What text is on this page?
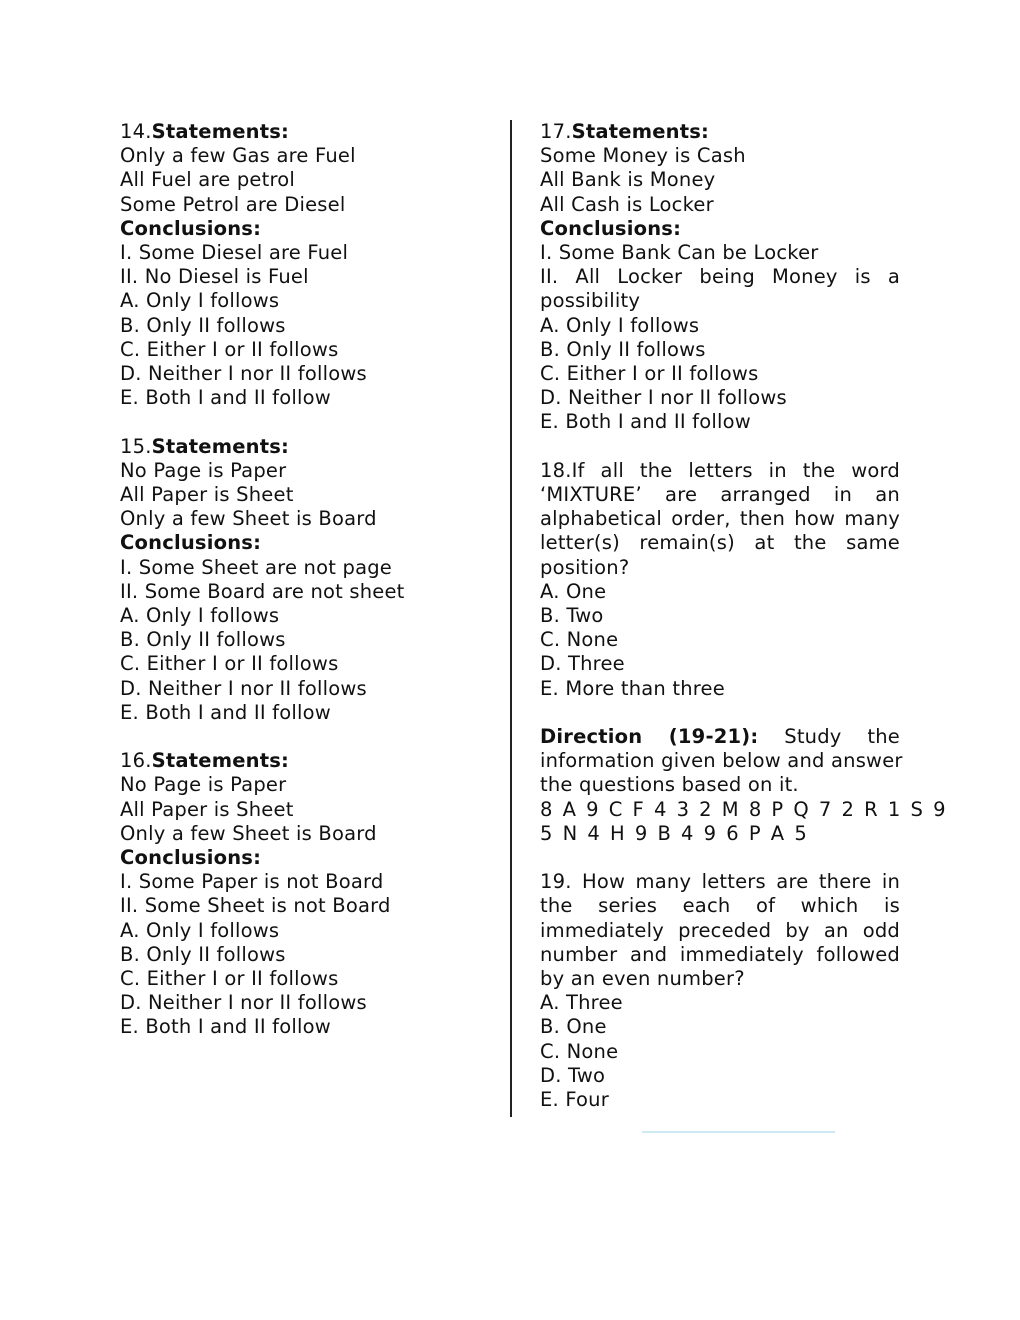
14.Statements:
Only a few Gas are Fuel
All Fuel are petrol
Some Petrol are Diesel
Conclusions:
I. Some Diesel are Fuel
II. No Diesel is Fuel
A. Only I follows
B. Only II follows
C. Either I or II follows
D. Neither I nor II follows
E. Both I and II follow
15.Statements:
No Page is Paper
All Paper is Sheet
Only a few Sheet is Board
Conclusions:
I. Some Sheet are not page
II. Some Board are not sheet
A. Only I follows
B. Only II follows
C. Either I or II follows
D. Neither I nor II follows
E. Both I and II follow
16.Statements:
No Page is Paper
All Paper is Sheet
Only a few Sheet is Board
Conclusions:
I. Some Paper is not Board
II. Some Sheet is not Board
A. Only I follows
B. Only II follows
C. Either I or II follows
D. Neither I nor II follows
E. Both I and II follow
17.Statements:
Some Money is Cash
All Bank is Money
All Cash is Locker
Conclusions:
I. Some Bank Can be Locker
II. All Locker being Money is a
possibility
A. Only I follows
B. Only II follows
C. Either I or II follows
D. Neither I nor II follows
E. Both I and II follow
18.If all the letters in the word
‘MIXTURE’ are arranged in an
alphabetical order, then how many
letter(s) remain(s) at the same
position?
A. One
B. Two
C. None
D. Three
E. More than three
Direction (19-21): Study the
information given below and answer
the questions based on it.
8 A 9 C F 4 3 2 M 8 P Q 7 2 R 1 S 9
5 N 4 H 9 B 4 9 6 P A 5
19. How many letters are there in
the series each of which is
immediately preceded by an odd
number and immediately followed
by an even number?
A. Three
B. One
C. None
D. Two
E. Four
